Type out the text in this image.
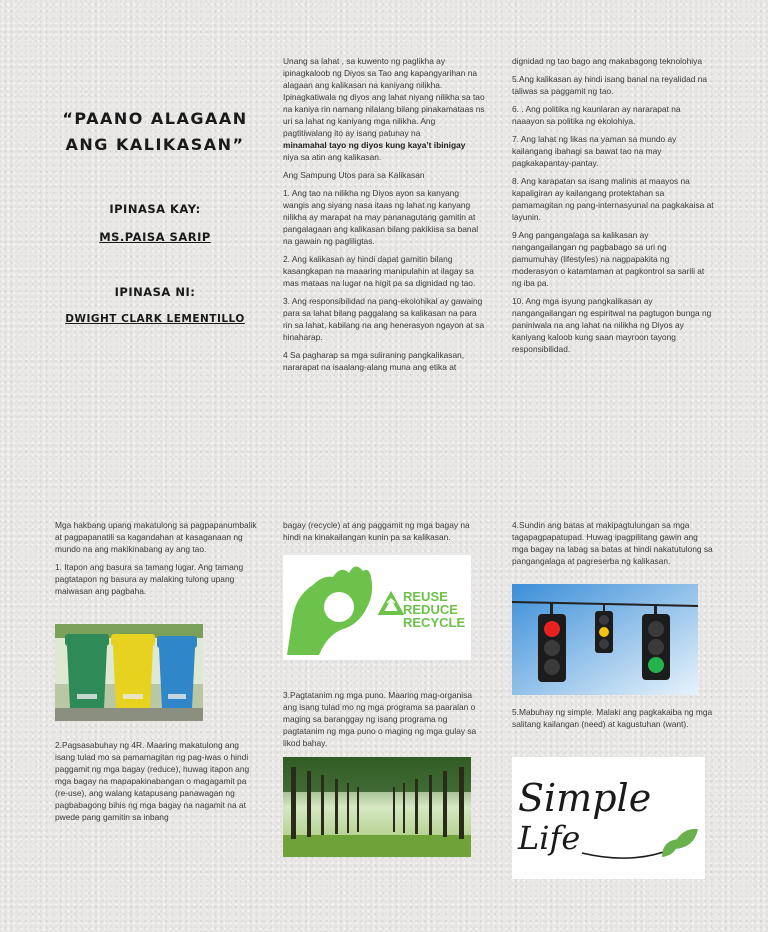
“PAANO ALAGAAN ANG KALIKASAN”
IPINASA KAY:
MS.PAISA SARIP
IPINASA NI:
DWIGHT CLARK LEMENTILLO

Unang sa lahat , sa kuwento ng paglikha ay ipinagkaloob ng Diyos sa Tao ang kapangyarihan na alagaan ang kalikasan na kaniyang nilikha. Ipinagkatiwala ng diyos ang lahat niyang nilikha sa tao na kaniya rin namang nilalang bilang pinakamataas ns uri sa lahat ng kaniyang mga nilikha. Ang pagtitiwalang ito ay isang patunay na

minamahal tayo ng diyos kung kaya’t ibinigay

niya sa atin ang kalikasan.

Ang Sampung Utos para sa Kalikasan

1. Ang tao na nilikha ng Diyos ayon sa kanyang wangis ang siyang nasa itaas ng lahat ng kanyang nilikha ay marapat na may pananagutang gamitin at pangalagaan ang kalikasan bilang pakikiisa sa banal na gawain ng pagliligtas.

2. Ang kalikasan ay hindi dapat gamitin bilang kasangkapan na maaaring manipulahin at ilagay sa mas mataas na lugar na higit pa sa dignidad ng tao.

3. Ang responsibilidad na pang-ekolohikal ay gawaing para sa lahat bilang paggalang sa kalikasan na para rin sa lahat, kabilang na ang henerasyon ngayon at sa hinaharap.

4 Sa pagharap sa mga suliraning pangkalikasan, nararapat na isaalang-alang muna ang etika at

dignidad ng tao bago ang makabagong teknolohiya

5.Ang kalikasan ay hindi isang banal na reyalidad na taliwas sa paggamit ng tao.

6. . Ang politika ng kaunlaran ay nararapat na naaayon sa politika ng ekolohiya.

7. Ang lahat ng likas na yaman sa mundo ay kailangang ibahagi sa bawat tao na may pagkakapantay-pantay.

8. Ang karapatan sa isang malinis at maayos na kapaligiran ay kailangang protektahan sa pamamagitan ng pang-internasyunal na pagkakaisa at layunin.

9 Ang pangangalaga sa kalikasan ay nangangailangan ng pagbabago sa uri ng pamumuhay (lifestyles) na nagpapakita ng moderasyon o katamtaman at pagkontrol sa sarili at ng iba pa.

10. Ang mga isyung pangkalikasan ay nangangailangan ng espiritwal na pagtugon bunga ng paniniwala na ang lahat na nilikha ng Diyos ay kaniyang kaloob kung saan mayroon tayong responsibilidad.

Mga hakbang upang makatulong sa pagpapanumbalik at pagpapanatili sa kagandahan at kasaganaan ng mundo na ang makikinabang ay ang tao.

1. Itapon ang basura sa tamang lugar. Ang tamang pagtatapon ng basura ay malaking tulong upang maiwasan ang pagbaha.

2.Pagsasabuhay ng 4R. Maaring makatulong ang isang tulad mo sa pamamagitan ng pag-iwas o hindi paggamit ng mga bagay (reduce), huwag itapon ang mga bagay na mapapakinabangan o magagamit pa (re-use), ang walang katapusang panawagan ng pagbabagong bihis ng mga bagay na nagamit na at pwede pang gamitin sa inbang

bagay (recycle) at ang paggamit ng mga bagay na hindi na kinakailangan kunin pa sa kalikasan.

REUSE
REDUCE
RECYCLE

3.Pagtatanim ng mga puno. Maaring mag-organisa ang isang tulad mo ng mga programa sa paaralan o maging sa baranggay ng isang programa ng pagtatanim ng mga puno o maging ng mga gulay sa likod bahay.

4.Sundin ang batas at makipagtulungan sa mga tagapagpapatupad. Huwag ipagpilitang gawin ang mga bagay na labag sa batas at hindi nakatutulong sa pangangalaga at pagreserba ng kalikasan.

5.Mabuhay ng simple. Malaki ang pagkakaiba ng mga salitang kailangan (need) at kagustuhan (want).

Simple
Life
